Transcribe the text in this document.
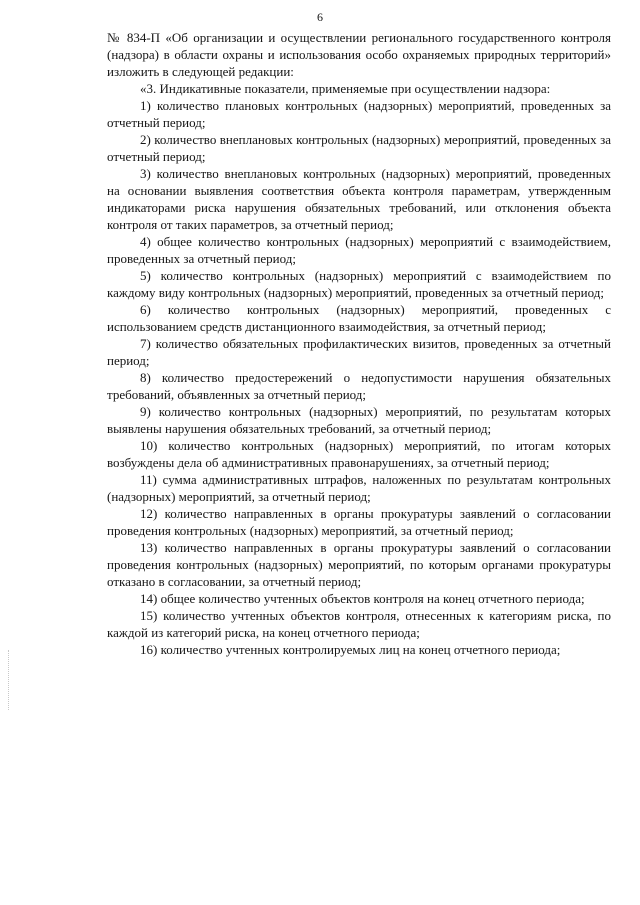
6

№ 834-П «Об организации и осуществлении регионального государственного контроля (надзора) в области охраны и использования особо охраняемых природных территорий» изложить в следующей редакции:

«3. Индикативные показатели, применяемые при осуществлении надзора:

1) количество плановых контрольных (надзорных) мероприятий, проведенных за отчетный период;

2) количество внеплановых контрольных (надзорных) мероприятий, проведенных за отчетный период;

3) количество внеплановых контрольных (надзорных) мероприятий, проведенных на основании выявления соответствия объекта контроля параметрам, утвержденным индикаторами риска нарушения обязательных требований, или отклонения объекта контроля от таких параметров, за отчетный период;

4) общее количество контрольных (надзорных) мероприятий с взаимодействием, проведенных за отчетный период;

5) количество контрольных (надзорных) мероприятий с взаимодействием по каждому виду контрольных (надзорных) мероприятий, проведенных за отчетный период;

6) количество контрольных (надзорных) мероприятий, проведенных с использованием средств дистанционного взаимодействия, за отчетный период;

7) количество обязательных профилактических визитов, проведенных за отчетный период;

8) количество предостережений о недопустимости нарушения обязательных требований, объявленных за отчетный период;

9) количество контрольных (надзорных) мероприятий, по результатам которых выявлены нарушения обязательных требований, за отчетный период;

10) количество контрольных (надзорных) мероприятий, по итогам которых возбуждены дела об административных правонарушениях, за отчетный период;

11) сумма административных штрафов, наложенных по результатам контрольных (надзорных) мероприятий, за отчетный период;

12) количество направленных в органы прокуратуры заявлений о согласовании проведения контрольных (надзорных) мероприятий, за отчетный период;

13) количество направленных в органы прокуратуры заявлений о согласовании проведения контрольных (надзорных) мероприятий, по которым органами прокуратуры отказано в согласовании, за отчетный период;

14) общее количество учтенных объектов контроля на конец отчетного периода;

15) количество учтенных объектов контроля, отнесенных к категориям риска, по каждой из категорий риска, на конец отчетного периода;

16) количество учтенных контролируемых лиц на конец отчетного периода;
